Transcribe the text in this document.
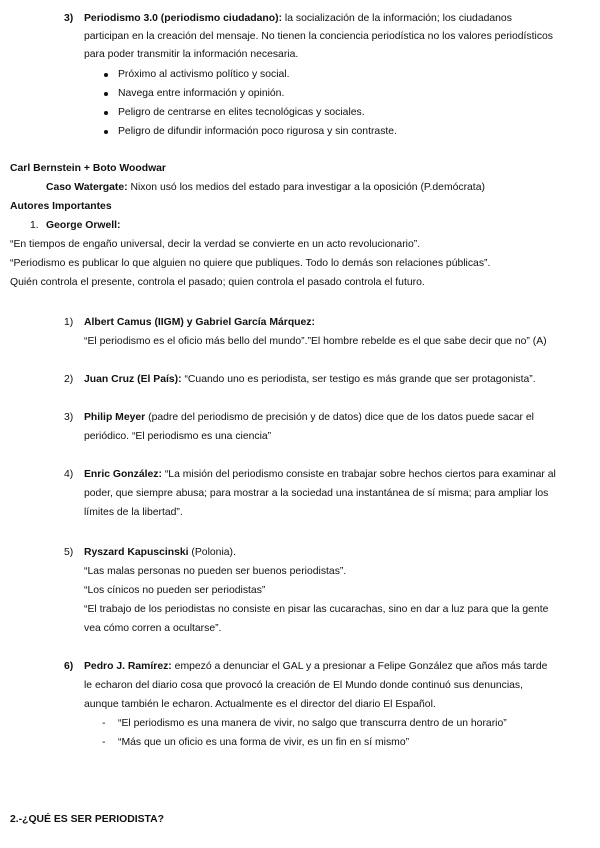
3) Periodismo 3.0 (periodismo ciudadano): la socialización de la información; los ciudadanos
participan en la creación del mensaje. No tienen la conciencia periodística no los valores periodísticos
para poder transmitir la información necesaria.
Próximo al activismo político y social.
Navega entre información y opinión.
Peligro de centrarse en elites tecnológicas y sociales.
Peligro de difundir información poco rigurosa y sin contraste.
Carl Bernstein + Boto Woodwar
Caso Watergate: Nixon usó los medios del estado para investigar a la oposición (P.demócrata)
Autores Importantes
1. George Orwell:
“En tiempos de engaño universal, decir la verdad se convierte en un acto revolucionario”.
“Periodismo es publicar lo que alguien no quiere que publiques. Todo lo demás son relaciones públicas”.
Quién controla el presente, controla el pasado; quien controla el pasado controla el futuro.
1) Albert Camus (IIGM) y Gabriel García Márquez:
“El periodismo es el oficio más bello del mundo”.”El hombre rebelde es el que sabe decir que no” (A)
2) Juan Cruz (El País): “Cuando uno es periodista, ser testigo es más grande que ser protagonista”.
3) Philip Meyer (padre del periodismo de precisión y de datos) dice que de los datos puede sacar el
periódico. “El periodismo es una ciencia”
4) Enric González: “La misión del periodismo consiste en trabajar sobre hechos ciertos para examinar al
poder, que siempre abusa; para mostrar a la sociedad una instantánea de sí misma; para ampliar los
límites de la libertad”.
5) Ryszard Kapuscinski (Polonia).
“Las malas personas no pueden ser buenos periodistas”.
“Los cínicos no pueden ser periodistas”
“El trabajo de los periodistas no consiste en pisar las cucarachas, sino en dar a luz para que la gente
vea cómo corren a ocultarse”.
6) Pedro J. Ramírez: empezó a denunciar el GAL y a presionar a Felipe González que años más tarde
le echaron del diario cosa que provocó la creación de El Mundo donde continuó sus denuncias,
aunque también le echaron. Actualmente es el director del diario El Español.
- “El periodismo es una manera de vivir, no salgo que transcurra dentro de un horario”
- “Más que un oficio es una forma de vivir, es un fin en sí mismo”
2.-¿QUÉ ES SER PERIODISTA?
